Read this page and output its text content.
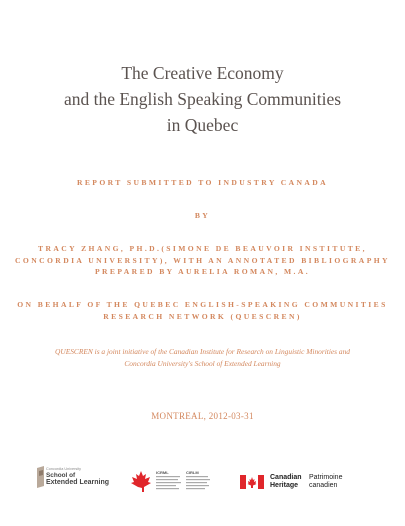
The Creative Economy
and the English Speaking Communities
in Quebec
REPORT SUBMITTED TO INDUSTRY CANADA
BY
TRACY ZHANG, PH.D.(SIMONE DE BEAUVOIR INSTITUTE,
CONCORDIA UNIVERSITY), WITH AN ANNOTATED BIBLIOGRAPHY
PREPARED BY AURELIA ROMAN, M.A.
ON BEHALF OF THE QUEBEC ENGLISH-SPEAKING COMMUNITIES
RESEARCH NETWORK (QUESCREN)
QUESCREN is a joint initiative of the Canadian Institute for Research on Linguistic Minorities and
Concordia University's School of Extended Learning
MONTREAL, 2012-03-31
Concordia University
School of
Extended Learning
ICRML	CIRLM
Canadian
Heritage
Patrimoine
canadien
